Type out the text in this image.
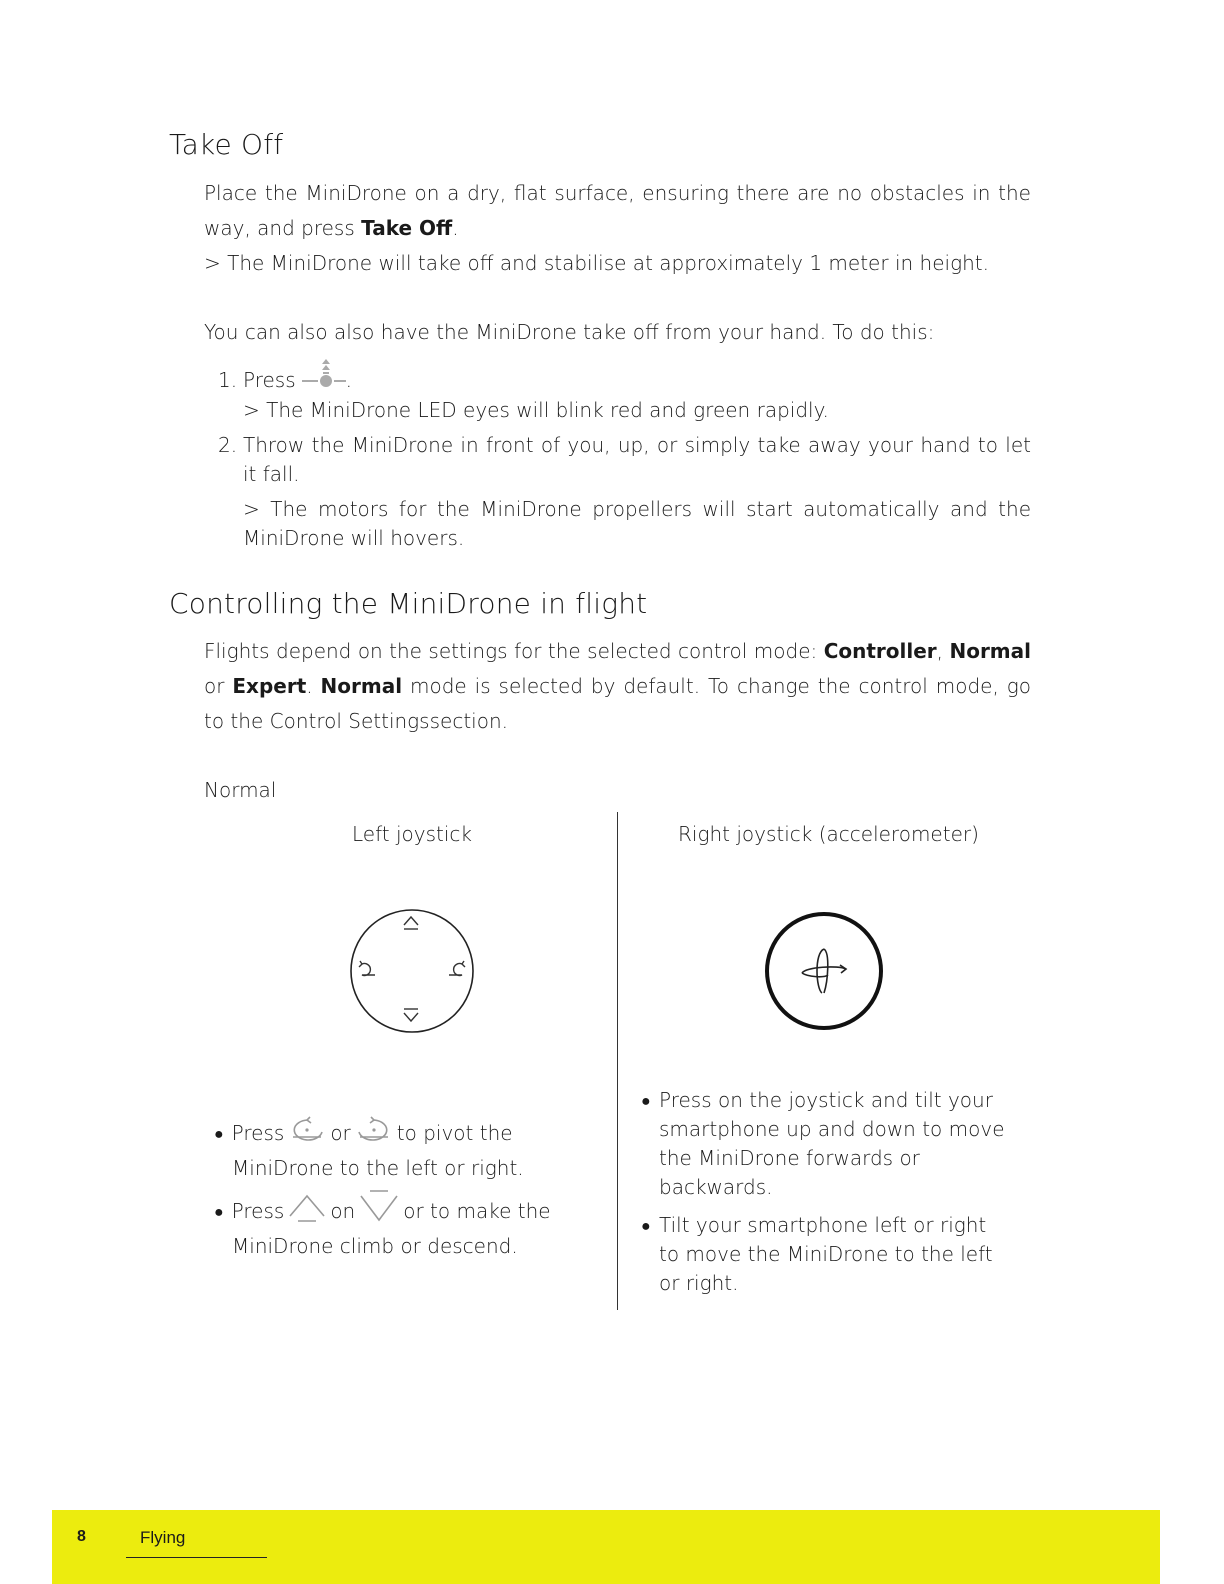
Take Off
Place the MiniDrone on a dry, flat surface, ensuring there are no obstacles in the way, and press Take Off.
> The MiniDrone will take off and stabilise at approximately 1 meter in height.
You can also also have the MiniDrone take off from your hand. To do this:
1. Press	.
> The MiniDrone LED eyes will blink red and green rapidly.
2. Throw the MiniDrone in front of you, up, or simply take away your hand to let it fall.
> The motors for the MiniDrone propellers will start automatically and the MiniDrone will hovers.
Controlling the MiniDrone in flight
Flights depend on the settings for the selected control mode: Controller, Normal or Expert. Normal mode is selected by default. To change the control mode, go to the Control Settingssection.
Normal
Left joystick
● Press or to pivot the
MiniDrone to the left or right.
● Press on or to make the
MiniDrone climb or descend.
Right joystick (accelerometer)
● Press on the joystick and tilt your smartphone up and down to move the MiniDrone forwards or backwards.
● Tilt your smartphone left or right to move the MiniDrone to the left or right.
8	Flying
